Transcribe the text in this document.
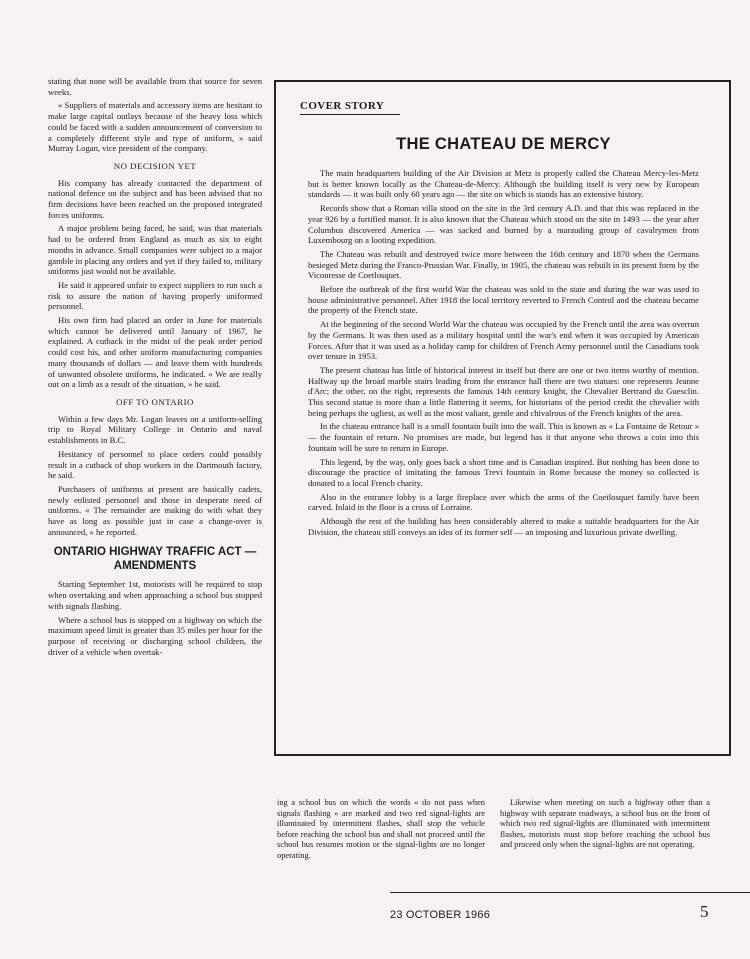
stating that none will be available from that source for seven weeks.

« Suppliers of materials and accessory items are hesitant to make large capital outlays because of the heavy loss which could be faced with a sudden announcement of conversion to a completely different style and type of uniform, » said Murray Logan, vice president of the company.

NO DECISION YET

His company has already contacted the department of national defence on the subject and has been advised that no firm decisions have been reached on the proposed integrated forces uniforms.

A major problem being faced, he said, was that materials had to be ordered from England as much as six to eight months in advance. Small companies were subject to a major gamble in placing any orders and yet if they failed to, military uniforms just would not be available.

He said it appeared unfair to expect suppliers to run such a risk to assure the nation of having properly uniformed personnel.

His own firm had placed an order in June for materials which cannot be delivered until January of 1967, he explained. A cutback in the midst of the peak order period could cost his, and other uniform manufacturing companies many thousands of dollars — and leave them with hundreds of unwanted obsolete uniforms, he indicated. « We are really out on a limb as a result of the situation, » he said.

OFF TO ONTARIO

Within a few days Mr. Logan leaves on a uniform-selling trip to Royal Military College in Ontario and naval establishments in B.C.

Hesitancy of personnel to place orders could possibly result in a cutback of shop workers in the Dartmouth factory, he said.

Purchasers of uniforms at present are basically cadets, newly enlisted personnel and those in desperate need of uniforms. « The remainder are making do with what they have as long as possible just in case a change-over is announced, » he reported.

ONTARIO HIGHWAY TRAFFIC ACT — AMENDMENTS

Starting September 1st, motorists will be required to stop when overtaking and when approaching a school bus stopped with signals flashing.

Where a school bus is stopped on a highway on which the maximum speed limit is greater than 35 miles per hour for the purpose of receiving or discharging school children, the driver of a vehicle when overtak-

COVER STORY
THE CHATEAU DE MERCY

The main headquarters building of the Air Division at Metz is properly called the Chateau Mercy-les-Metz but is better known locally as the Chateau-de-Mercy. Although the building itself is very new by European standards — it was built only 60 years ago — the site on which is stands has an extensive history.

Records show that a Roman villa stood on the site in the 3rd century A.D. and that this was replaced in the year 926 by a fortified manor. It is also known that the Chateau which stood on the site in 1493 — the year after Columbus discovered America — was sacked and burned by a marauding group of cavalrymen from Luxembourg on a looting expedition.

The Chateau was rebuilt and destroyed twice more between the 16th century and 1870 when the Germans besieged Metz during the Franco-Prussian War. Finally, in 1905, the chateau was rebuilt in its present form by the Viconresse de Coetlosquet.

Before the outbreak of the first world War the chateau was sold to the state and during the war was used to house administrative personnel. After 1918 the local territory reverted to French Control and the chateau became the property of the French state.

At the beginning of the second World War the chateau was occupied by the French until the area was overrun by the Germans. It was then used as a military hospital until the war's end when it was occupied by American Forces. After that it was used as a holiday camp for children of French Army personnel until the Canadians took over tenure in 1953.

The present chateau has little of historical interest in itself but there are one or two items worthy of mention. Halfway up the broad marble stairs leading from the entrance hall there are two statues: one represents Jeanne d'Arc; the other, on the right, represents the famous 14th century knight, the Chevalier Bertrand du Guesclin. This second statue is more than a little flattering it seems, for historians of the period credit the chevalier with being perhaps the ugliest, as well as the most valiant, gentle and chivalrous of the French knights of the area.

In the chateau entrance hall is a small fountain built into the wall. This is known as « La Fontaine de Retour » — the fountain of return. No promises are made, but legend has it that anyone who throws a coin into this fountain will be sure to return in Europe.

This legend, by the way, only goes back a short time and is Canadian inspired. But nothing has been done to discourage the practice of imitating the famous Trevi fountain in Rome because the money so collected is donated to a local French charity.

Also in the entrance lobby is a large fireplace over which the arms of the Coetlosquet family have been carved. Inlaid in the floor is a cross of Lorraine.

Although the rest of the building has been considerably altered to make a suitable headquarters for the Air Division, the chateau still conveys an idea of its former self — an imposing and luxurious private dwelling.

ing a school bus on which the words « do not pass when signals flashing » are marked and two red signal-lights are illuminated by intermittent flashes, shall stop the vehicle before reaching the school bus and shall not proceed until the school bus resumes motion or the signal-lights are no longer operating.

Likewise when meeting on such a highway other than a highway with separate roadways, a school bus on the front of which two red signal-lights are illuminated with intermittent flashes, motorists must stop before reaching the school bus and proceed only when the signal-lights are not operating.

23 OCTOBER 1966	5
